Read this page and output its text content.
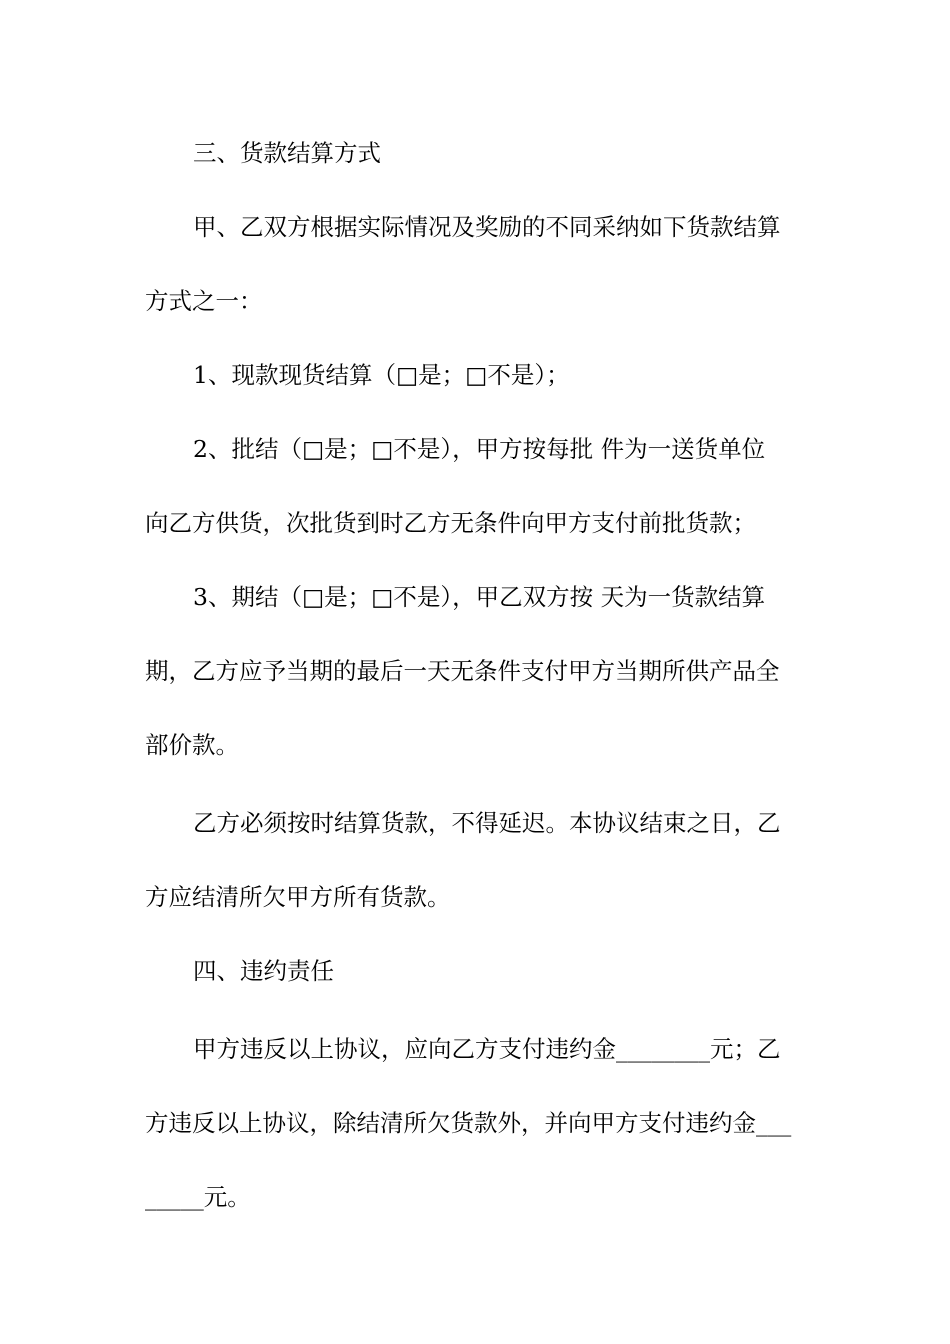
三、货款结算方式
甲、乙双方根据实际情况及奖励的不同采纳如下货款结算
方式之一：
1、现款现货结算（□是；□不是）；
2、批结（□是；□不是），甲方按每批 件为一送货单位
向乙方供货，次批货到时乙方无条件向甲方支付前批货款；
3、期结（□是；□不是），甲乙双方按 天为一货款结算
期，乙方应予当期的最后一天无条件支付甲方当期所供产品全
部价款。
乙方必须按时结算货款，不得延迟。本协议结束之日，乙
方应结清所欠甲方所有货款。
四、违约责任
甲方违反以上协议，应向乙方支付违约金________元；乙
方违反以上协议，除结清所欠货款外，并向甲方支付违约金___
_____元。
